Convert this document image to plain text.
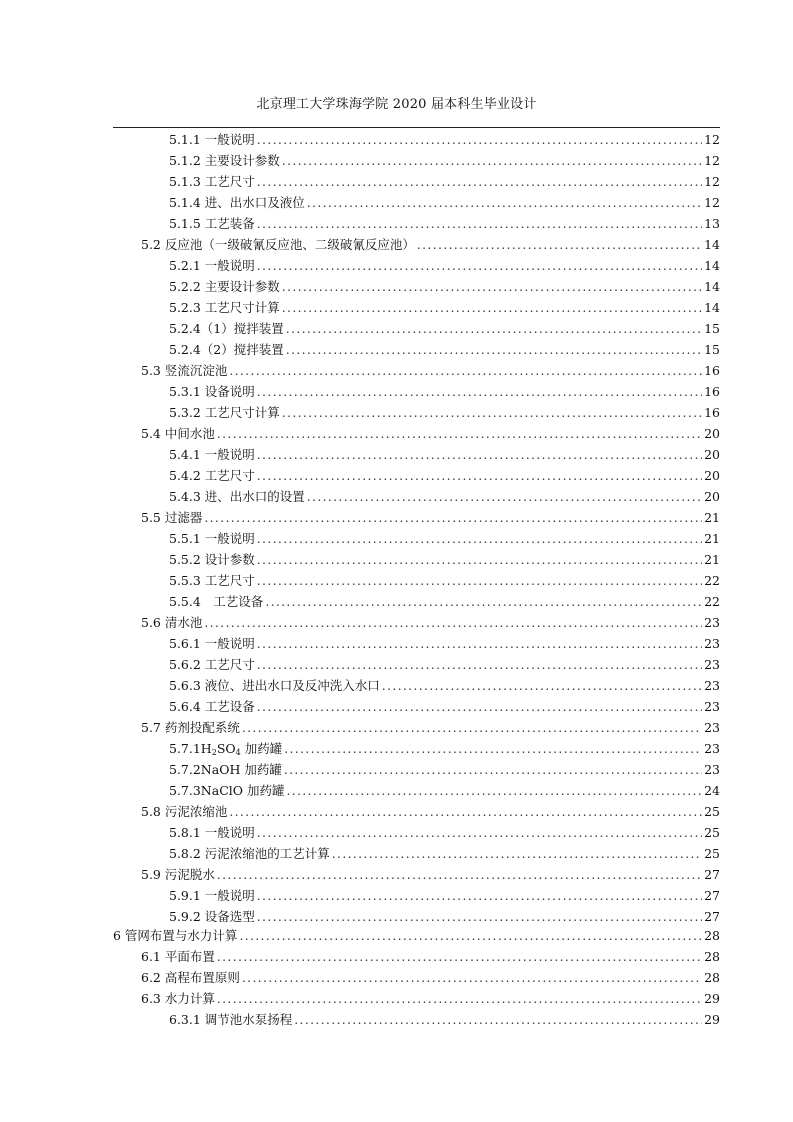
北京理工大学珠海学院 2020 届本科生毕业设计
5.1.1 一般说明 .....	12
5.1.2 主要设计参数 .....	12
5.1.3 工艺尺寸 .....	12
5.1.4 进、出水口及液位 .....	12
5.1.5 工艺装备 .....	13
5.2 反应池（一级破氰反应池、二级破氰反应池） .....	14
5.2.1 一般说明 .....	14
5.2.2 主要设计参数 .....	14
5.2.3 工艺尺寸计算 .....	14
5.2.4（1）搅拌装置 .....	15
5.2.4（2）搅拌装置 .....	15
5.3 竖流沉淀池 .....	16
5.3.1 设备说明 .....	16
5.3.2 工艺尺寸计算 .....	16
5.4 中间水池 .....	20
5.4.1 一般说明 .....	20
5.4.2 工艺尺寸 .....	20
5.4.3 进、出水口的设置 .....	20
5.5 过滤器 .....	21
5.5.1 一般说明 .....	21
5.5.2 设计参数 .....	21
5.5.3 工艺尺寸 .....	22
5.5.4　工艺设备 .....	22
5.6 清水池 .....	23
5.6.1 一般说明 .....	23
5.6.2 工艺尺寸 .....	23
5.6.3 液位、进出水口及反冲洗入水口 .....	23
5.6.4 工艺设备 .....	23
5.7 药剂投配系统 .....	23
$5.7.1H_2SO_4$ 加药罐 .....	23
5.7.2NaOH 加药罐 .....	23
5.7.3NaClO 加药罐 .....	24
5.8 污泥浓缩池 .....	25
5.8.1 一般说明 .....	25
5.8.2 污泥浓缩池的工艺计算 .....	25
5.9 污泥脱水 .....	27
5.9.1 一般说明 .....	27
5.9.2 设备选型 .....	27
6 管网布置与水力计算 .....	28
6.1 平面布置 .....	28
6.2 高程布置原则 .....	28
6.3 水力计算 .....	29
6.3.1 调节池水泵扬程 .....	29
